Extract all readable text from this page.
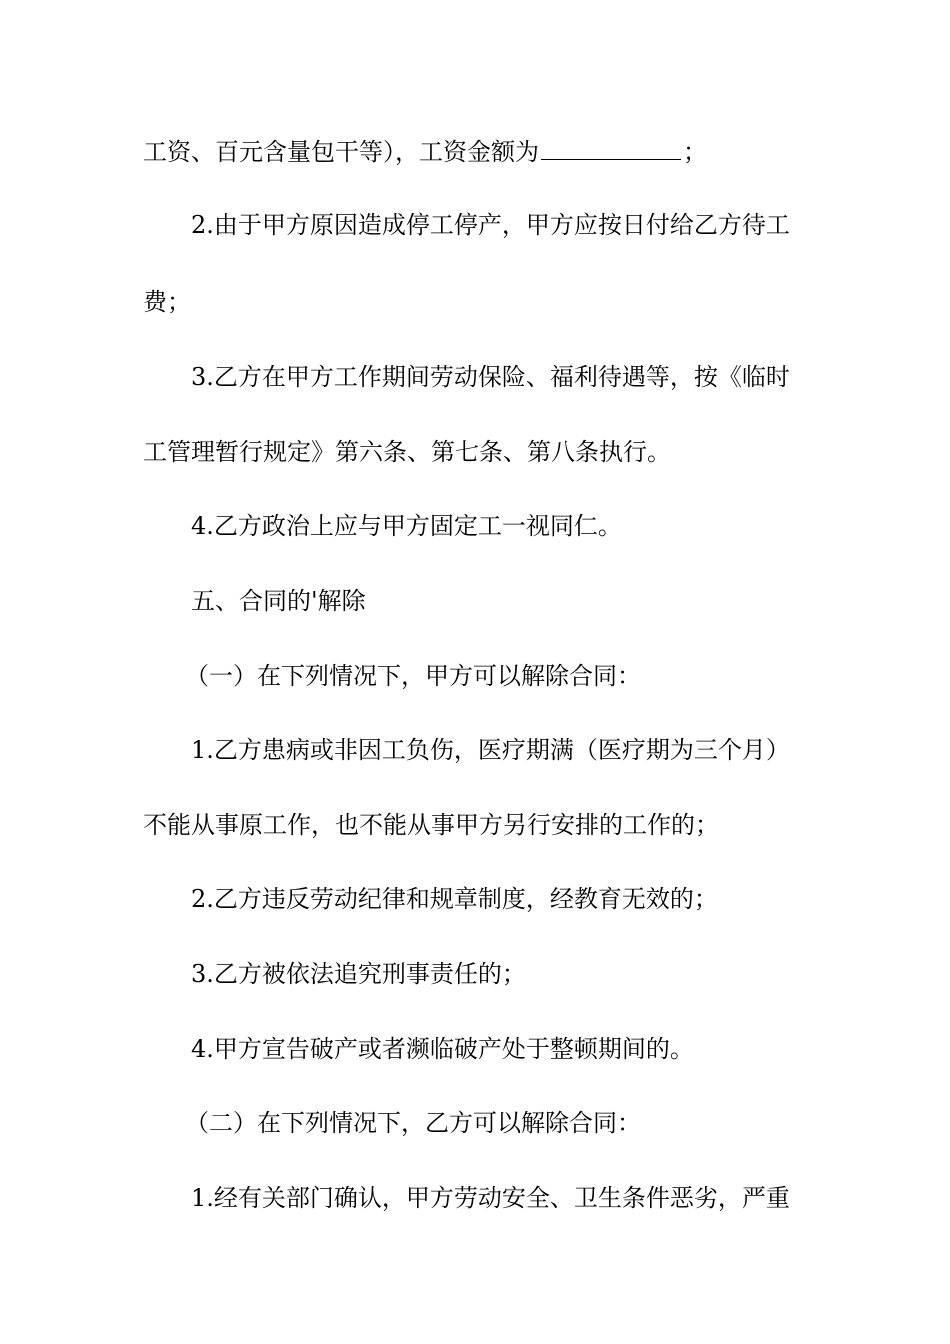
工资、百元含量包干等），工资金额为	；
2.由于甲方原因造成停工停产，甲方应按日付给乙方待工
费；
3.乙方在甲方工作期间劳动保险、福利待遇等，按《临时
工管理暂行规定》第六条、第七条、第八条执行。
4.乙方政治上应与甲方固定工一视同仁。
五、合同的'解除
（一）在下列情况下，甲方可以解除合同：
1.乙方患病或非因工负伤，医疗期满（医疗期为三个月）
不能从事原工作，也不能从事甲方另行安排的工作的；
2.乙方违反劳动纪律和规章制度，经教育无效的；
3.乙方被依法追究刑事责任的；
4.甲方宣告破产或者濒临破产处于整顿期间的。
（二）在下列情况下，乙方可以解除合同：
1.经有关部门确认，甲方劳动安全、卫生条件恶劣，严重
